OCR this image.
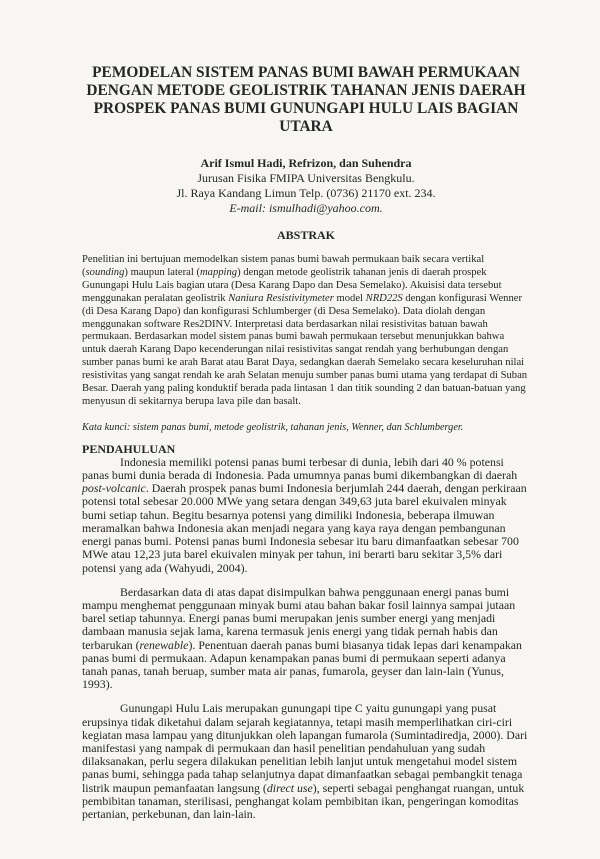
PEMODELAN SISTEM PANAS BUMI BAWAH PERMUKAAN DENGAN METODE GEOLISTRIK TAHANAN JENIS DAERAH PROSPEK PANAS BUMI GUNUNGAPI HULU LAIS BAGIAN UTARA
Arif Ismul Hadi, Refrizon, dan Suhendra
Jurusan Fisika FMIPA Universitas Bengkulu.
Jl. Raya Kandang Limun Telp. (0736) 21170 ext. 234.
E-mail: ismulhadi@yahoo.com.
ABSTRAK

Penelitian ini bertujuan memodelkan sistem panas bumi bawah permukaan baik secara vertikal (sounding) maupun lateral (mapping) dengan metode geolistrik tahanan jenis di daerah prospek Gunungapi Hulu Lais bagian utara (Desa Karang Dapo dan Desa Semelako). Akuisisi data tersebut menggunakan peralatan geolistrik Naniura Resistivitymeter model NRD22S dengan konfigurasi Wenner (di Desa Karang Dapo) dan konfigurasi Schlumberger (di Desa Semelako). Data diolah dengan menggunakan software Res2DINV. Interpretasi data berdasarkan nilai resistivitas batuan bawah permukaan. Berdasarkan model sistem panas bumi bawah permukaan tersebut menunjukkan bahwa untuk daerah Karang Dapo kecenderungan nilai resistivitas sangat rendah yang berhubungan dengan sumber panas bumi ke arah Barat atau Barat Daya, sedangkan daerah Semelako secara keseluruhan nilai resistivitas yang sangat rendah ke arah Selatan menuju sumber panas bumi utama yang terdapat di Suban Besar. Daerah yang paling konduktif berada pada lintasan 1 dan titik sounding 2 dan batuan-batuan yang menyusun di sekitarnya berupa lava pile dan basalt.

Kata kunci: sistem panas bumi, metode geolistrik, tahanan jenis, Wenner, dan Schlumberger.
PENDAHULUAN

Indonesia memiliki potensi panas bumi terbesar di dunia, lebih dari 40 % potensi panas bumi dunia berada di Indonesia. Pada umumnya panas bumi dikembangkan di daerah post-volcanic. Daerah prospek panas bumi Indonesia berjumlah 244 daerah, dengan perkiraan potensi total sebesar 20.000 MWe yang setara dengan 349,63 juta barel ekuivalen minyak bumi setiap tahun. Begitu besarnya potensi yang dimiliki Indonesia, beberapa ilmuwan meramalkan bahwa Indonesia akan menjadi negara yang kaya raya dengan pembangunan energi panas bumi. Potensi panas bumi Indonesia sebesar itu baru dimanfaatkan sebesar 700 MWe atau 12,23 juta barel ekuivalen minyak per tahun, ini berarti baru sekitar 3,5% dari potensi yang ada (Wahyudi, 2004).

Berdasarkan data di atas dapat disimpulkan bahwa penggunaan energi panas bumi mampu menghemat penggunaan minyak bumi atau bahan bakar fosil lainnya sampai jutaan barel setiap tahunnya. Energi panas bumi merupakan jenis sumber energi yang menjadi dambaan manusia sejak lama, karena termasuk jenis energi yang tidak pernah habis dan terbarukan (renewable). Penentuan daerah panas bumi biasanya tidak lepas dari kenampakan panas bumi di permukaan. Adapun kenampakan panas bumi di permukaan seperti adanya tanah panas, tanah beruap, sumber mata air panas, fumarola, geyser dan lain-lain (Yunus, 1993).

Gunungapi Hulu Lais merupakan gunungapi tipe C yaitu gunungapi yang pusat erupsinya tidak diketahui dalam sejarah kegiatannya, tetapi masih memperlihatkan ciri-ciri kegiatan masa lampau yang ditunjukkan oleh lapangan fumarola (Sumintadiredja, 2000). Dari manifestasi yang nampak di permukaan dan hasil penelitian pendahuluan yang sudah dilaksanakan, perlu segera dilakukan penelitian lebih lanjut untuk mengetahui model sistem panas bumi, sehingga pada tahap selanjutnya dapat dimanfaatkan sebagai pembangkit tenaga listrik maupun pemanfaatan langsung (direct use), seperti sebagai penghangat ruangan, untuk pembibitan tanaman, sterilisasi, penghangat kolam pembibitan ikan, pengeringan komoditas pertanian, perkebunan, dan lain-lain.
